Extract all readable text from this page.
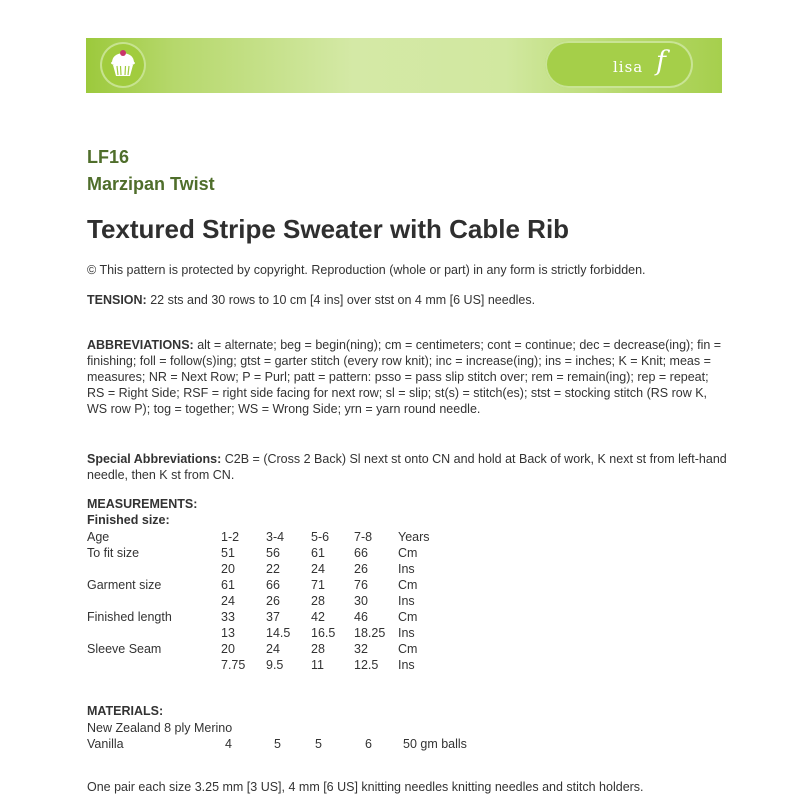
lisa f
LF16
Marzipan Twist
Textured Stripe Sweater with Cable Rib

© This pattern is protected by copyright. Reproduction (whole or part) in any form is strictly forbidden.

TENSION: 22 sts and 30 rows to 10 cm [4 ins] over stst on 4 mm [6 US] needles.

ABBREVIATIONS: alt = alternate; beg = begin(ning); cm = centimeters; cont = continue; dec = decrease(ing); fin = finishing; foll = follow(s)ing; gtst = garter stitch (every row knit); inc = increase(ing); ins = inches; K = Knit; meas = measures; NR = Next Row; P = Purl; patt = pattern: psso = pass slip stitch over; rem = remain(ing); rep = repeat; RS = Right Side; RSF = right side facing for next row; sl = slip; st(s) = stitch(es); stst = stocking stitch (RS row K, WS row P); tog = together; WS = Wrong Side; yrn = yarn round needle.

Special Abbreviations: C2B = (Cross 2 Back) Sl next st onto CN and hold at Back of work, K next st from left-hand needle, then K st from CN.

MEASUREMENTS:
Finished size:
Age	1-2 3-4 5-6 7-8 Years
To fit size	51 56 61 66 Cm
20 22 24 26 Ins
Garment size	61 66 71 76 Cm
24 26 28 30 Ins
Finished length	33 37 42 46 Cm
13 14.5 16.5 18.25 Ins
Sleeve Seam	20 24 28 32 Cm
7.75 9.5 11 12.5 Ins
MATERIALS:
New Zealand 8 ply Merino
Vanilla	4	5	5	6 50 gm balls

One pair each size 3.25 mm [3 US], 4 mm [6 US] knitting needles knitting needles and stitch holders.
